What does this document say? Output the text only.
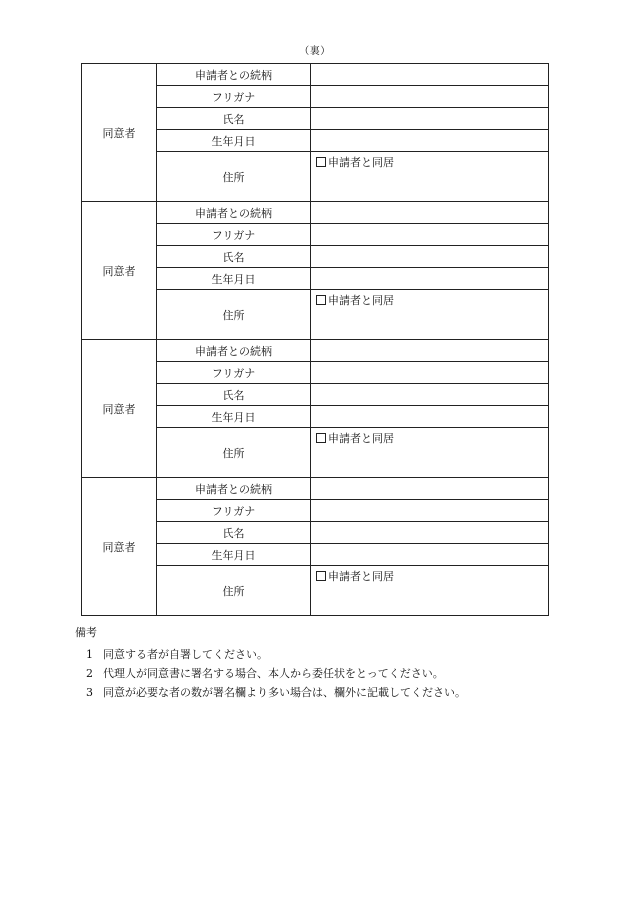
（裏）
同意者	申請者との続柄	
	フリガナ	
	氏名	
	生年月日	
	住所	申請者と同居
同意者	申請者との続柄	
	フリガナ	
	氏名	
	生年月日	
	住所	申請者と同居
同意者	申請者との続柄	
	フリガナ	
	氏名	
	生年月日	
	住所	申請者と同居
同意者	申請者との続柄	
	フリガナ	
	氏名	
	生年月日	
	住所	申請者と同居
備考
1 同意する者が自署してください。
2 代理人が同意書に署名する場合、本人から委任状をとってください。
3 同意が必要な者の数が署名欄より多い場合は、欄外に記載してください。
